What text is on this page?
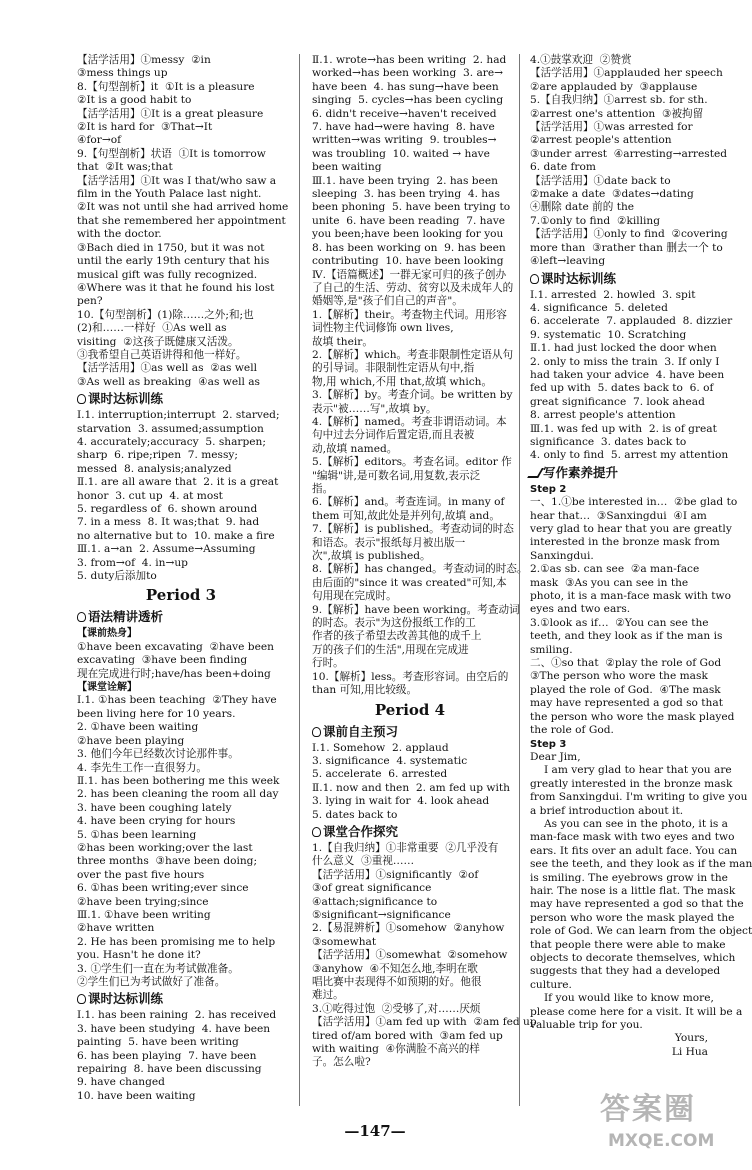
【活学活用】①messy  ②in
③mess things up
8.【句型剖析】it  ①It is a pleasure
②It is a good habit to
【活学活用】①It is a great pleasure
②It is hard for  ③That→It
④for→of
9.【句型剖析】状语  ①It is tomorrow
that  ②It was;that
【活学活用】①It was I that/who saw a
film in the Youth Palace last night.
②It was not until she had arrived home
that she remembered her appointment
with the doctor.
③Bach died in 1750, but it was not
until the early 19th century that his
musical gift was fully recognized.
④Where was it that he found his lost
pen?
10.【句型剖析】(1)除……之外;和;也
(2)和……一样好  ①As well as
visiting  ②这孩子既健康又活泼。
③我希望自己英语讲得和他一样好。
【活学活用】①as well as  ②as well
③As well as breaking  ④as well as
课时达标训练
Ⅰ.1. interruption;interrupt  2. starved;
starvation  3. assumed;assumption
4. accurately;accuracy  5. sharpen;
sharp  6. ripe;ripen  7. messy;
messed  8. analysis;analyzed
Ⅱ.1. are all aware that  2. it is a great
honor  3. cut up  4. at most
5. regardless of  6. shown around
7. in a mess  8. It was;that  9. had
no alternative but to  10. make a fire
Ⅲ.1. a→an  2. Assume→Assuming
3. from→of  4. in→up
5. duty后添加to
Period 3
语法精讲透析
【课前热身】
①have been excavating  ②have been
excavating  ③have been finding
现在完成进行时;have/has been+doing
【课堂诠解】
Ⅰ.1. ①has been teaching  ②They have
been living here for 10 years.
2. ①have been waiting
②have been playing
3. 他们今年已经数次讨论那件事。
4. 李先生工作一直很努力。
Ⅱ.1. has been bothering me this week
2. has been cleaning the room all day
3. have been coughing lately
4. have been crying for hours
5. ①has been learning
②has been working;over the last
three months  ③have been doing;
over the past five hours
6. ①has been writing;ever since
②have been trying;since
Ⅲ.1. ①have been writing
②have written
2. He has been promising me to help
you. Hasn't he done it?
3. ①学生们一直在为考试做准备。
②学生们已为考试做好了准备。
课时达标训练
Ⅰ.1. has been raining  2. has received
3. have been studying  4. have been
painting  5. have been writing
6. has been playing  7. have been
repairing  8. have been discussing
9. have changed
10. have been waiting
Ⅱ.1. wrote→has been writing  2. had
worked→has been working  3. are→
have been  4. has sung→have been
singing  5. cycles→has been cycling
6. didn't receive→haven't received
7. have had→were having  8. have
written→was writing  9. troubles→
was troubling  10. waited → have
been waiting
Ⅲ.1. have been trying  2. has been
sleeping  3. has been trying  4. has
been phoning  5. have been trying to
unite  6. have been reading  7. have
you been;have been looking for you
8. has been working on  9. has been
contributing  10. have been looking
Ⅳ.【语篇概述】一群无家可归的孩子创办
了自己的生活、劳动、贫穷以及未成年人的
婚姻等,是"孩子们自己的声音"。
1.【解析】their。考查物主代词。用形容
词性物主代词修饰 own lives,
故填 their。
2.【解析】which。考查非限制性定语从句
的引导词。非限制性定语从句中,指
物,用 which,不用 that,故填 which。
3.【解析】by。考查介词。be written by
表示"被……写",故填 by。
4.【解析】named。考查非谓语动词。本
句中过去分词作后置定语,而且表被
动,故填 named。
5.【解析】editors。考查名词。editor 作
"编辑"讲,是可数名词,用复数,表示泛
指。
6.【解析】and。考查连词。in many of
them 可知,故此处是并列句,故填 and。
7.【解析】is published。考查动词的时态
和语态。表示"报纸每月被出版一
次",故填 is published。
8.【解析】has changed。考查动词的时态。
由后面的"since it was created"可知,本
句用现在完成时。
9.【解析】have been working。考查动词
的时态。表示"为这份报纸工作的工
作者的孩子希望去改善其他的成千上
万的孩子们的生活",用现在完成进
行时。
10.【解析】less。考查形容词。由空后的
than 可知,用比较级。
Period 4
课前自主预习
Ⅰ.1. Somehow  2. applaud
3. significance  4. systematic
5. accelerate  6. arrested
Ⅱ.1. now and then  2. am fed up with
3. lying in wait for  4. look ahead
5. dates back to
课堂合作探究
1.【自我归纳】①非常重要  ②几乎没有
什么意义  ③重视……
【活学活用】①significantly  ②of
③of great significance
④attach;significance to
⑤significant→significance
2.【易混辨析】①somehow  ②anyhow
③somewhat
【活学活用】①somewhat  ②somehow
③anyhow  ④不知怎么地,李明在歌
唱比赛中表现得不如预期的好。他很
难过。
3.①吃得过饱  ②受够了,对……厌烦
【活学活用】①am fed up with  ②am fed up
tired of/am bored with  ③am fed up
with waiting  ④你满脸不高兴的样
子。怎么啦?
4.①鼓掌欢迎  ②赞赏
【活学活用】①applauded her speech
②are applauded by  ③applause
5.【自我归纳】①arrest sb. for sth.
②arrest one's attention  ③被拘留
【活学活用】①was arrested for
②arrest people's attention
③under arrest  ④arresting→arrested
6. date from
【活学活用】①date back to
②make a date  ③dates→dating
④删除 date 前的 the
7.①only to find  ②killing
【活学活用】①only to find  ②covering
more than  ③rather than 删去一个 to
④left→leaving
课时达标训练
Ⅰ.1. arrested  2. howled  3. spit
4. significance  5. deleted
6. accelerate  7. applauded  8. dizzier
9. systematic  10. Scratching
Ⅱ.1. had just locked the door when
2. only to miss the train  3. If only I
had taken your advice  4. have been
fed up with  5. dates back to  6. of
great significance  7. look ahead
8. arrest people's attention
Ⅲ.1. was fed up with  2. is of great
significance  3. dates back to
4. only to find  5. arrest my attention
写作素养提升
Step 2
一、1.①be interested in…  ②be glad to
hear that…  ③Sanxingdui  ④I am
very glad to hear that you are greatly
interested in the bronze mask from
Sanxingdui.
2.①as sb. can see  ②a man-face
mask  ③As you can see in the
photo, it is a man-face mask with two
eyes and two ears.
3.①look as if…  ②You can see the
teeth, and they look as if the man is
smiling.
二、①so that  ②play the role of God
③The person who wore the mask
played the role of God.  ④The mask
may have represented a god so that
the person who wore the mask played
the role of God.
Step 3
Dear Jim,
I am very glad to hear that you are
greatly interested in the bronze mask
from Sanxingdui. I'm writing to give you
a brief introduction about it.
As you can see in the photo, it is a
man-face mask with two eyes and two
ears. It fits over an adult face. You can
see the teeth, and they look as if the man
is smiling. The eyebrows grow in the
hair. The nose is a little flat. The mask
may have represented a god so that the
person who wore the mask played the
role of God. We can learn from the object
that people there were able to make
objects to decorate themselves, which
suggests that they had a developed
culture.
If you would like to know more,
please come here for a visit. It will be a
valuable trip for you.
Yours,
Li Hua
—147—
答案圈
MXQE.COM
